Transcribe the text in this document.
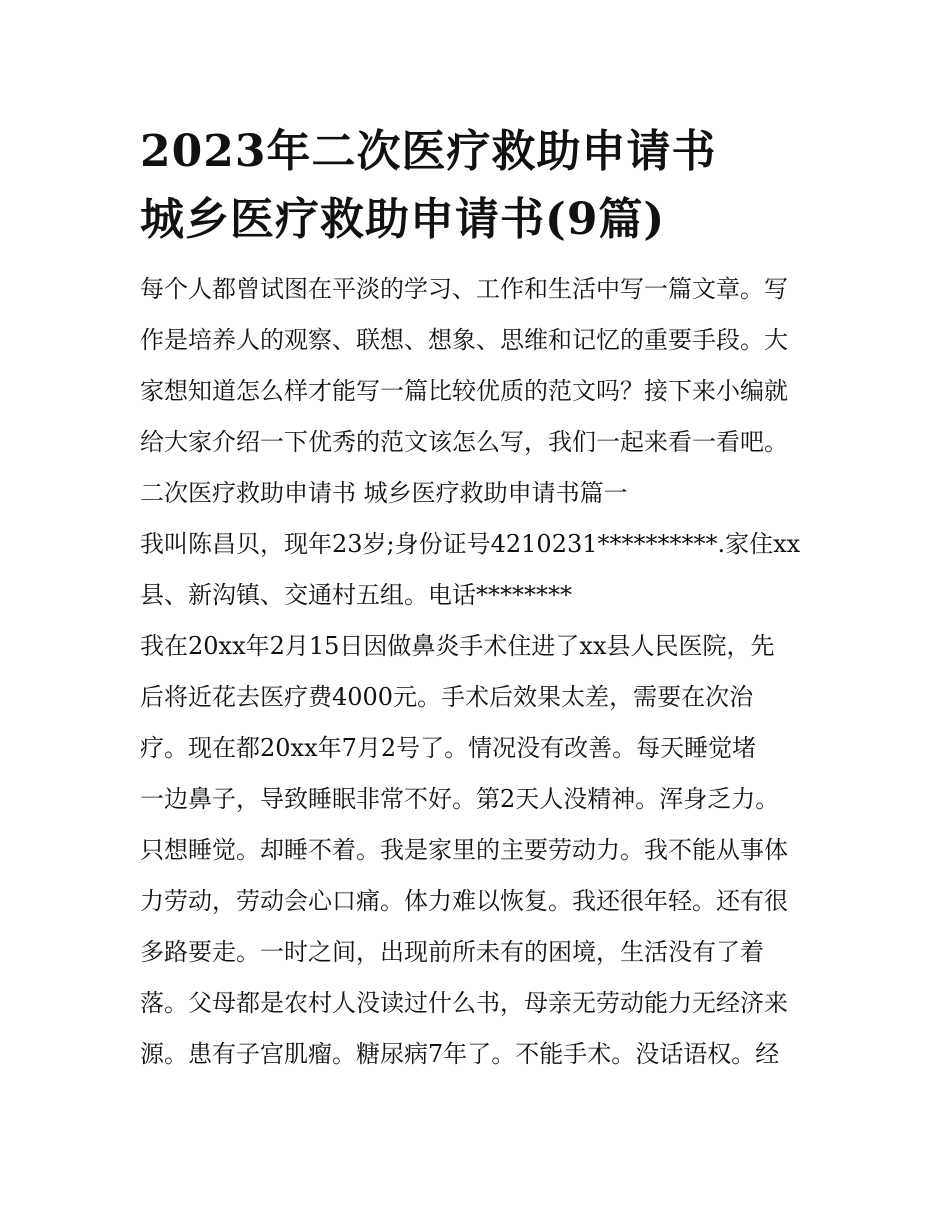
2023年二次医疗救助申请书
城乡医疗救助申请书(9篇)
每个人都曾试图在平淡的学习、工作和生活中写一篇文章。写
作是培养人的观察、联想、想象、思维和记忆的重要手段。大
家想知道怎么样才能写一篇比较优质的范文吗？接下来小编就
给大家介绍一下优秀的范文该怎么写，我们一起来看一看吧。
二次医疗救助申请书 城乡医疗救助申请书篇一
我叫陈昌贝，现年23岁;身份证号4210231**********.家住xx
县、新沟镇、交通村五组。电话********
我在20xx年2月15日因做鼻炎手术住进了xx县人民医院，先
后将近花去医疗费4000元。手术后效果太差，需要在次治
疗。现在都20xx年7月2号了。情况没有改善。每天睡觉堵
一边鼻子，导致睡眠非常不好。第2天人没精神。浑身乏力。
只想睡觉。却睡不着。我是家里的主要劳动力。我不能从事体
力劳动，劳动会心口痛。体力难以恢复。我还很年轻。还有很
多路要走。一时之间，出现前所未有的困境，生活没有了着
落。父母都是农村人没读过什么书，母亲无劳动能力无经济来
源。患有子宫肌瘤。糖尿病7年了。不能手术。没话语权。经
